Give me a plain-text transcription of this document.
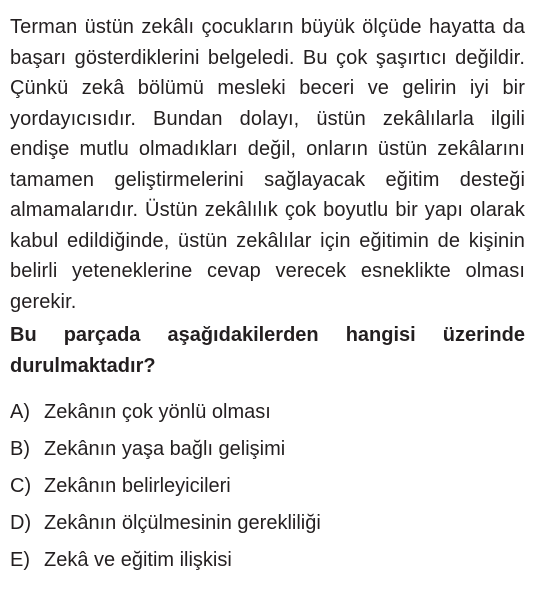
Terman üstün zekâlı çocukların büyük ölçüde hayatta da başarı gösterdiklerini belgeledi. Bu çok şaşırtıcı değildir. Çünkü zekâ bölümü mesleki beceri ve gelirin iyi bir yordayıcısıdır. Bundan dolayı, üstün zekâlılarla ilgili endişe mutlu olmadıkları değil, onların üstün zekâlarını tamamen geliştirmelerini sağlayacak eğitim desteği almamalarıdır. Üstün zekâlılık çok boyutlu bir yapı olarak kabul edildiğinde, üstün zekâlılar için eğitimin de kişinin belirli yeteneklerine cevap verecek esneklikte olması gerekir.

Bu parçada aşağıdakilerden hangisi üzerinde
durulmaktadır?
A) Zekânın çok yönlü olması
B) Zekânın yaşa bağlı gelişimi
C) Zekânın belirleyicileri
D) Zekânın ölçülmesinin gerekliliği
E) Zekâ ve eğitim ilişkisi
